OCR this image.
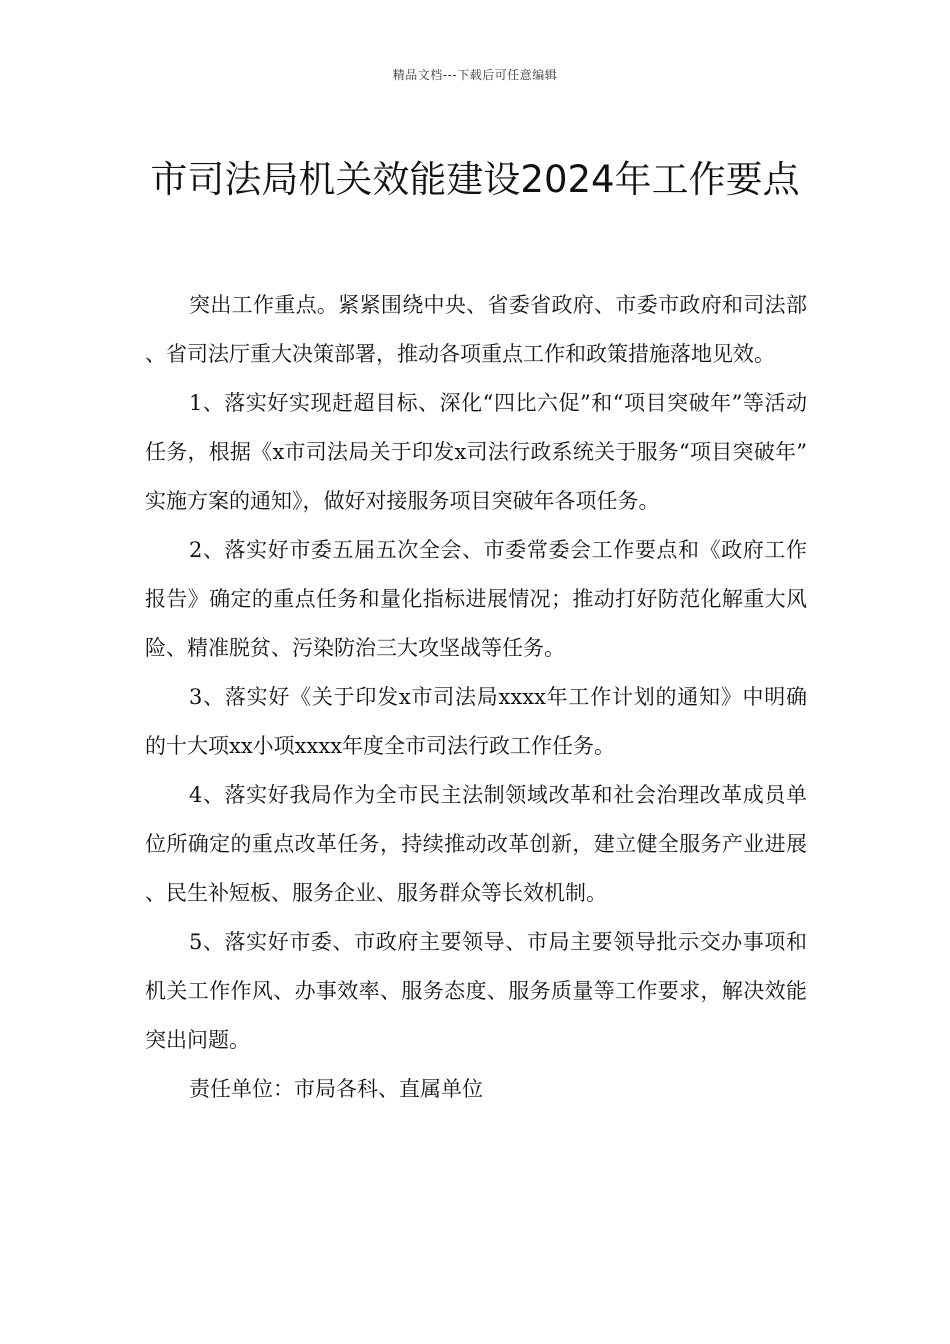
精品文档---下载后可任意编辑
市司法局机关效能建设2024年工作要点

突出工作重点。紧紧围绕中央、省委省政府、市委市政府和司法部、省司法厅重大决策部署，推动各项重点工作和政策措施落地见效。

1、落实好实现赶超目标、深化“四比六促”和“项目突破年”等活动任务，根据《x市司法局关于印发x司法行政系统关于服务“项目突破年”实施方案的通知》，做好对接服务项目突破年各项任务。

2、落实好市委五届五次全会、市委常委会工作要点和《政府工作报告》确定的重点任务和量化指标进展情况；推动打好防范化解重大风险、精准脱贫、污染防治三大攻坚战等任务。

3、落实好《关于印发x市司法局xxxx年工作计划的通知》中明确的十大项xx小项xxxx年度全市司法行政工作任务。

4、落实好我局作为全市民主法制领域改革和社会治理改革成员单位所确定的重点改革任务，持续推动改革创新，建立健全服务产业进展、民生补短板、服务企业、服务群众等长效机制。

5、落实好市委、市政府主要领导、市局主要领导批示交办事项和机关工作作风、办事效率、服务态度、服务质量等工作要求，解决效能突出问题。

责任单位：市局各科、直属单位
